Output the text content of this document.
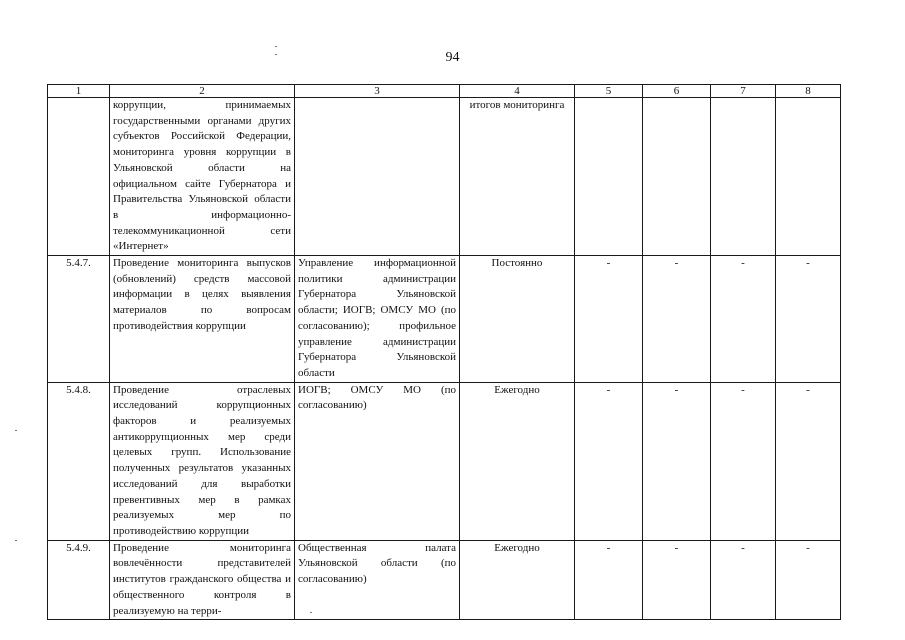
94
1	2	3	4	5	6	7	8
	коррупции, принимаемых государственными органами других субъектов Российской Федерации, мониторинга уровня коррупции в Ульяновской области на официальном сайте Губернатора и Правительства Ульяновской области в информационно-телекоммуникационной сети «Интернет»		итогов мониторинга				
5.4.7.	Проведение мониторинга выпусков (обновлений) средств массовой информации в целях выявления материалов по вопросам противодействия коррупции	Управление информационной политики администрации Губернатора Ульяновской области; ИОГВ; ОМСУ МО (по согласованию); профильное управление администрации Губернатора Ульяновской области	Постоянно	-	-	-	-
5.4.8.	Проведение отраслевых исследований коррупционных факторов и реализуемых антикоррупционных мер среди целевых групп. Использование полученных результатов указанных исследований для выработки превентивных мер в рамках реализуемых мер по противодействию коррупции	ИОГВ; ОМСУ МО (по согласованию)	Ежегодно	-	-	-	-
5.4.9.	Проведение мониторинга вовлечённости представителей институтов гражданского общества и общественного контроля в реализуемую на терри-	Общественная палата Ульяновской области (по согласованию)	Ежегодно	-	-	-	-
